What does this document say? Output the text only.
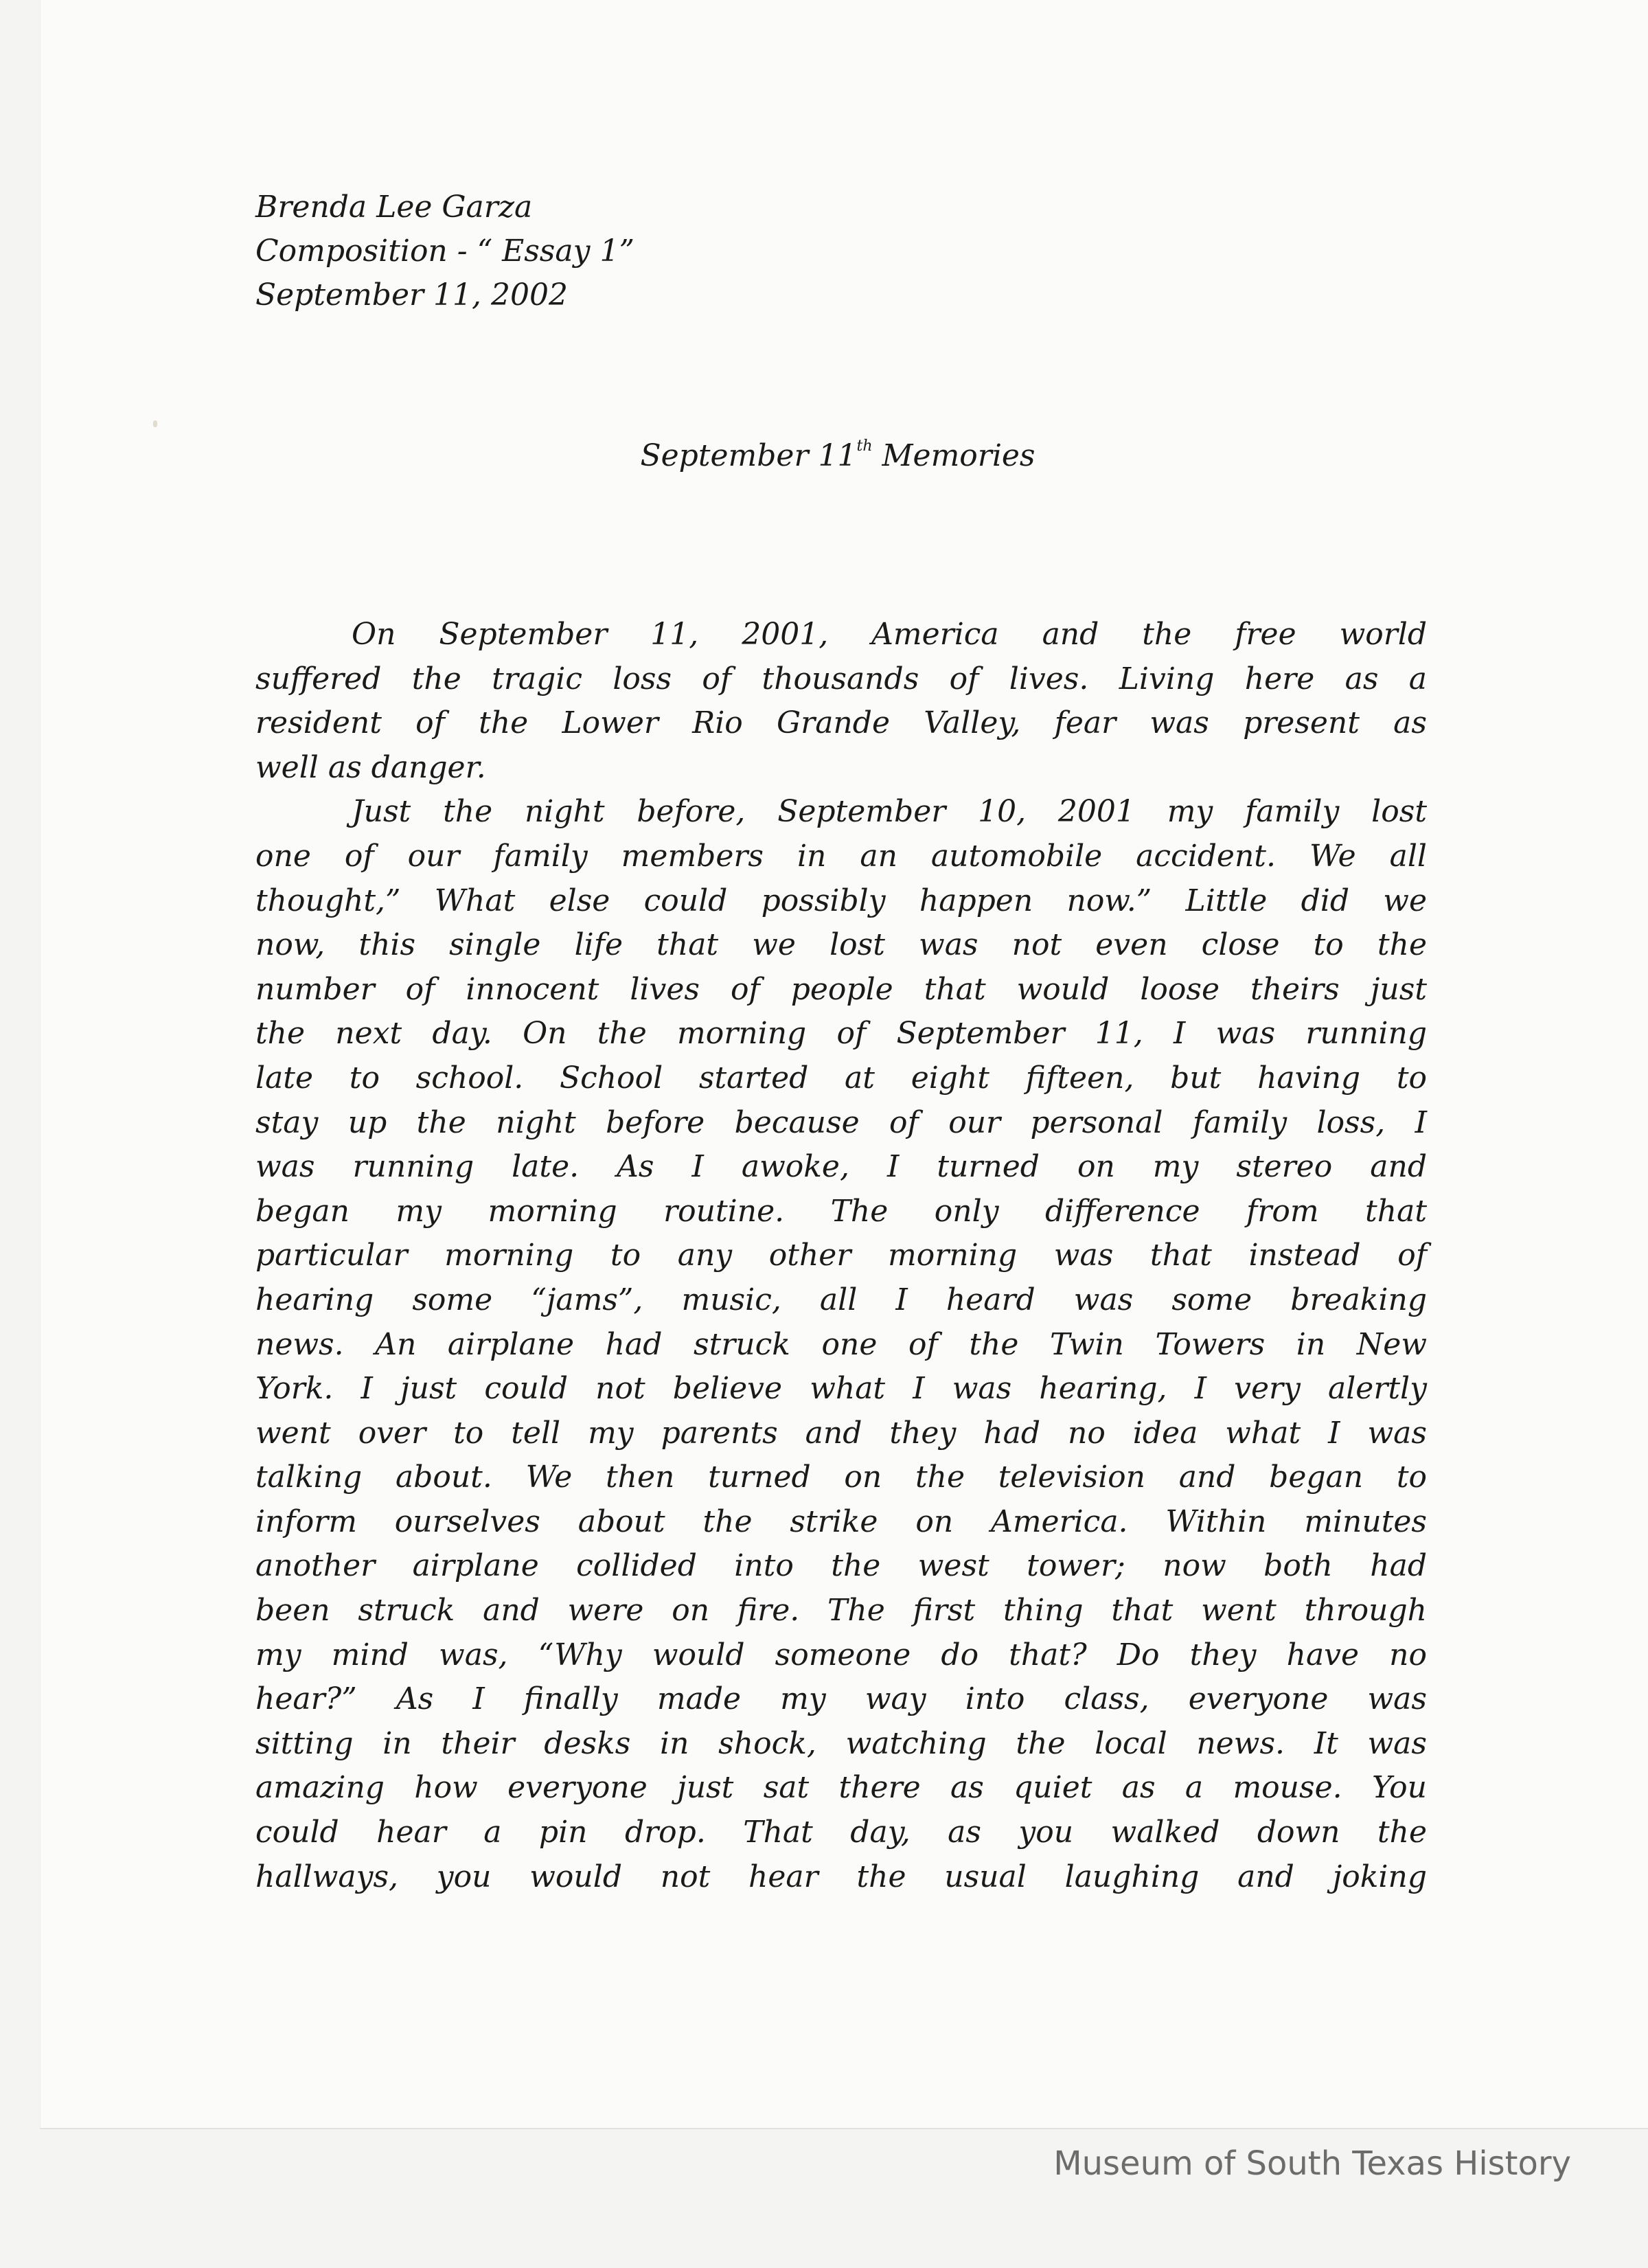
Brenda Lee Garza
Composition - “ Essay 1”
September 11, 2002
September 11th Memories
On September 11, 2001, America and the free world
suffered the tragic loss of thousands of lives. Living here as a
resident of the Lower Rio Grande Valley, fear was present as
well as danger.
Just the night before, September 10, 2001 my family lost
one of our family members in an automobile accident. We all
thought,” What else could possibly happen now.” Little did we
now, this single life that we lost was not even close to the
number of innocent lives of people that would loose theirs just
the next day. On the morning of September 11, I was running
late to school. School started at eight fifteen, but having to
stay up the night before because of our personal family loss, I
was running late. As I awoke, I turned on my stereo and
began my morning routine. The only difference from that
particular morning to any other morning was that instead of
hearing some “jams”, music, all I heard was some breaking
news. An airplane had struck one of the Twin Towers in New
York. I just could not believe what I was hearing, I very alertly
went over to tell my parents and they had no idea what I was
talking about. We then turned on the television and began to
inform ourselves about the strike on America. Within minutes
another airplane collided into the west tower; now both had
been struck and were on fire. The first thing that went through
my mind was, “Why would someone do that? Do they have no
hear?” As I finally made my way into class, everyone was
sitting in their desks in shock, watching the local news. It was
amazing how everyone just sat there as quiet as a mouse. You
could hear a pin drop. That day, as you walked down the
hallways, you would not hear the usual laughing and joking
Museum of South Texas History
